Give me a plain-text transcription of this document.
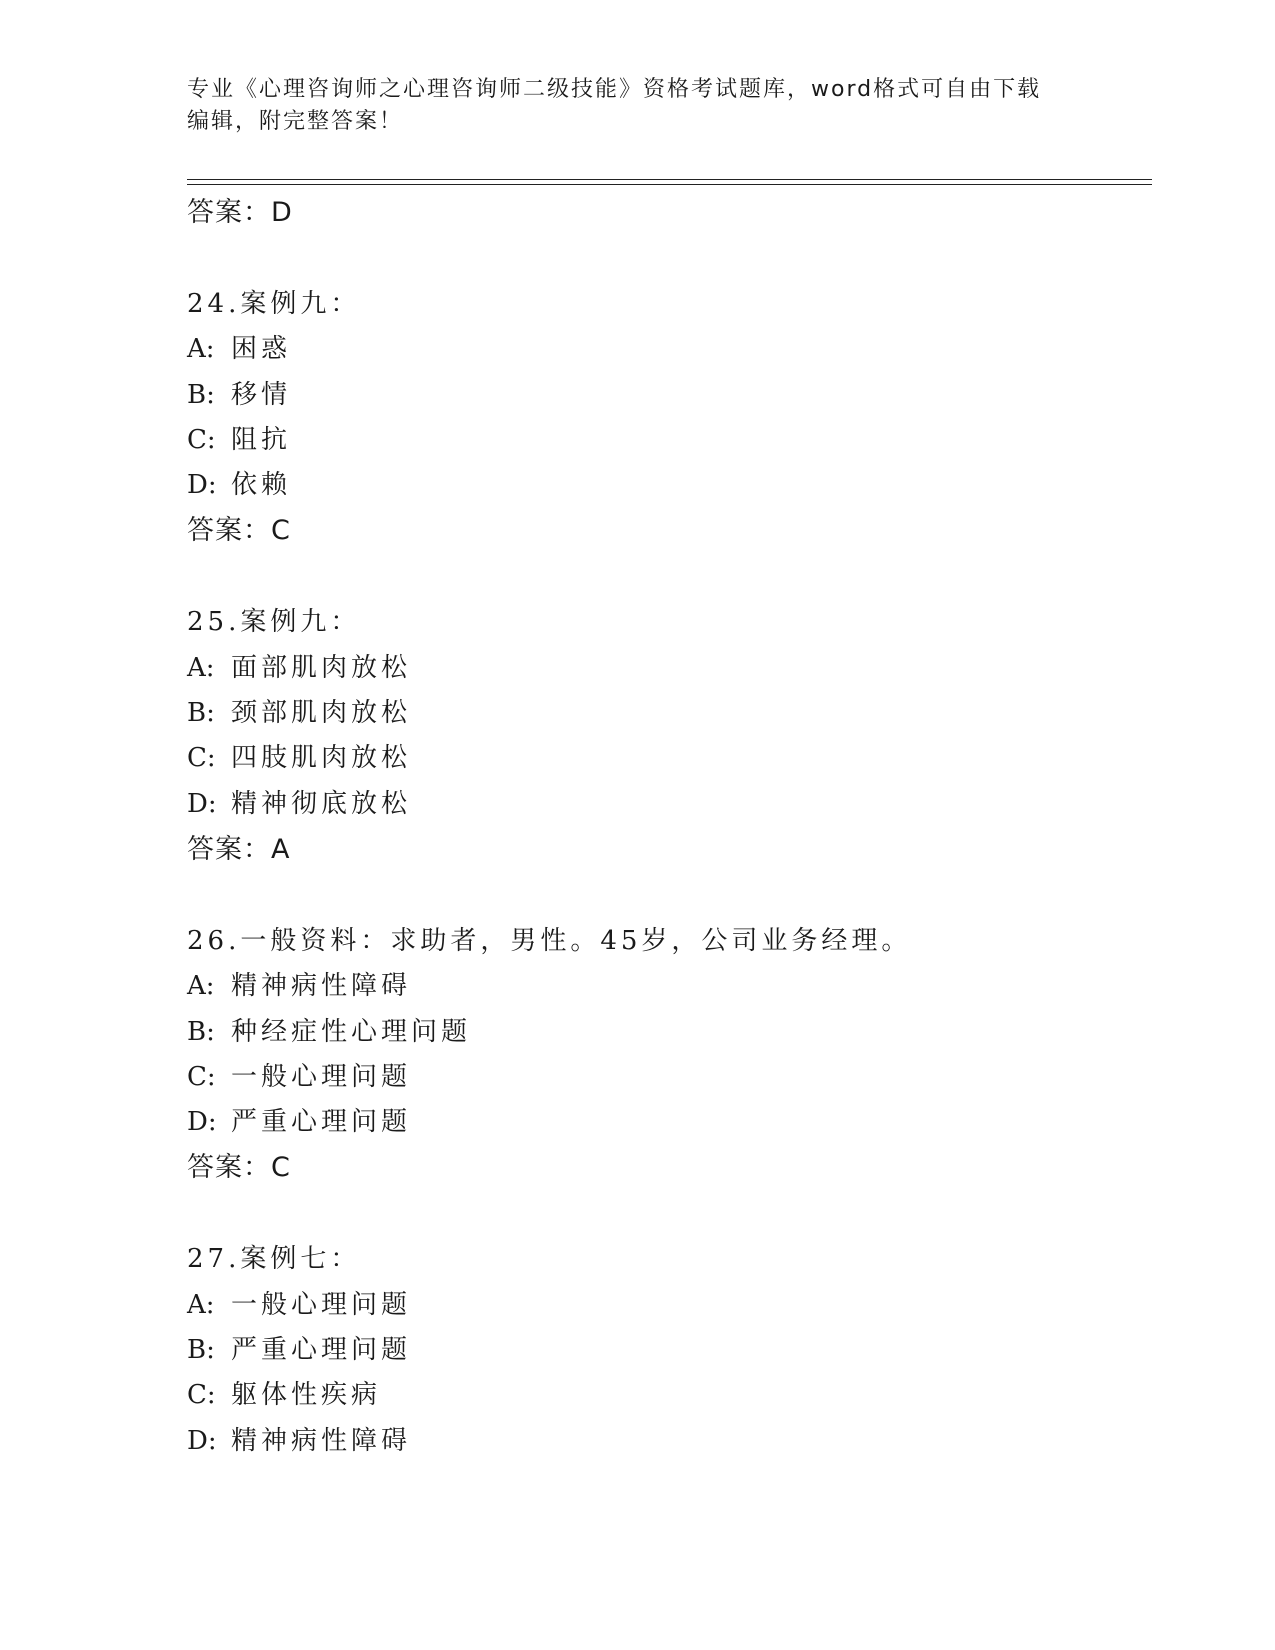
专业《心理咨询师之心理咨询师二级技能》资格考试题库，word格式可自由下载
编辑，附完整答案！
答案：D
24.案例九：
A: 困惑
B: 移情
C: 阻抗
D: 依赖
答案：C
25.案例九：
A: 面部肌肉放松
B: 颈部肌肉放松
C: 四肢肌肉放松
D: 精神彻底放松
答案：A
26.一般资料：求助者，男性。45岁，公司业务经理。
A: 精神病性障碍
B: 种经症性心理问题
C: 一般心理问题
D: 严重心理问题
答案：C
27.案例七：
A: 一般心理问题
B: 严重心理问题
C: 躯体性疾病
D: 精神病性障碍
